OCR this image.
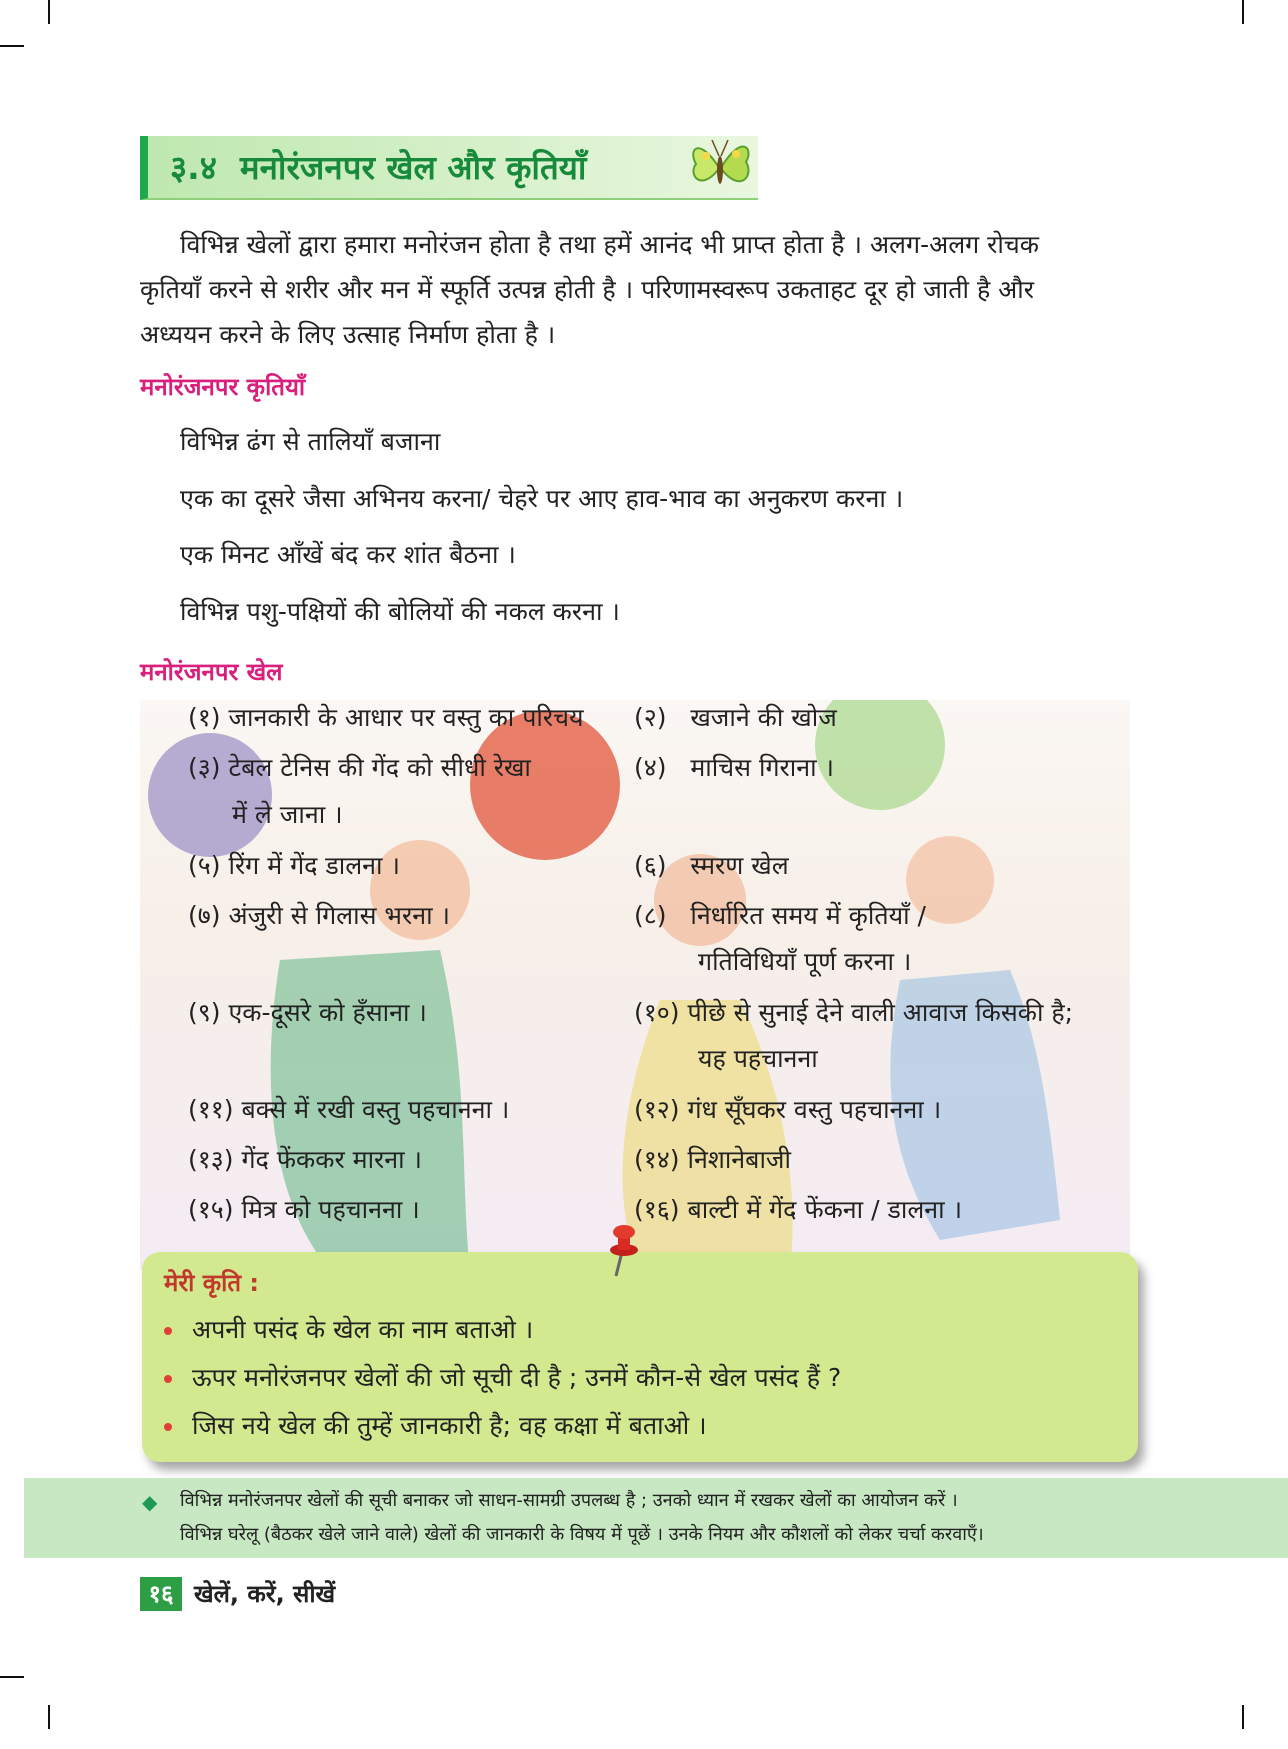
३.४ मनोरंजनपर खेल और कृतियाँ
विभिन्न खेलों द्वारा हमारा मनोरंजन होता है तथा हमें आनंद भी प्राप्त होता है । अलग-अलग रोचक
कृतियाँ करने से शरीर और मन में स्फूर्ति उत्पन्न होती है । परिणामस्वरूप उकताहट दूर हो जाती है और
अध्ययन करने के लिए उत्साह निर्माण होता है ।
मनोरंजनपर कृतियाँ
विभिन्न ढंग से तालियाँ बजाना
एक का दूसरे जैसा अभिनय करना/ चेहरे पर आए हाव-भाव का अनुकरण करना ।
एक मिनट आँखें बंद कर शांत बैठना ।
विभिन्न पशु-पक्षियों की बोलियों की नकल करना ।
मनोरंजनपर खेल
(१) जानकारी के आधार पर वस्तु का परिचय (२) खजाने की खोज
(३) टेबल टेनिस की गेंद को सीधी रेखा
में ले जाना ।
(४) माचिस गिराना ।
(५) रिंग में गेंद डालना ।	(६) स्मरण खेल
(७) अंजुरी से गिलास भरना ।	(८) निर्धारित समय में कृतियाँ /
गतिविधियाँ पूर्ण करना ।
(९) एक-दूसरे को हँसाना ।	(१०) पीछे से सुनाई देने वाली आवाज किसकी है;
यह पहचानना
(११) बक्से में रखी वस्तु पहचानना ।	(१२) गंध सूँघकर वस्तु पहचानना ।
(१३) गेंद फेंककर मारना ।	(१४) निशानेबाजी
(१५) मित्र को पहचानना ।	(१६) बाल्टी में गेंद फेंकना / डालना ।
मेरी कृति :
अपनी पसंद के खेल का नाम बताओ ।
ऊपर मनोरंजनपर खेलों की जो सूची दी है ; उनमें कौन-से खेल पसंद हैं ?
जिस नये खेल की तुम्हें जानकारी है; वह कक्षा में बताओ ।
◆ विभिन्न मनोरंजनपर खेलों की सूची बनाकर जो साधन-सामग्री उपलब्ध है ; उनको ध्यान में रखकर खेलों का आयोजन करें ।
विभिन्न घरेलू (बैठकर खेले जाने वाले) खेलों की जानकारी के विषय में पूछें । उनके नियम और कौशलों को लेकर चर्चा करवाएँ।
१६ खेलें, करें, सीखें
